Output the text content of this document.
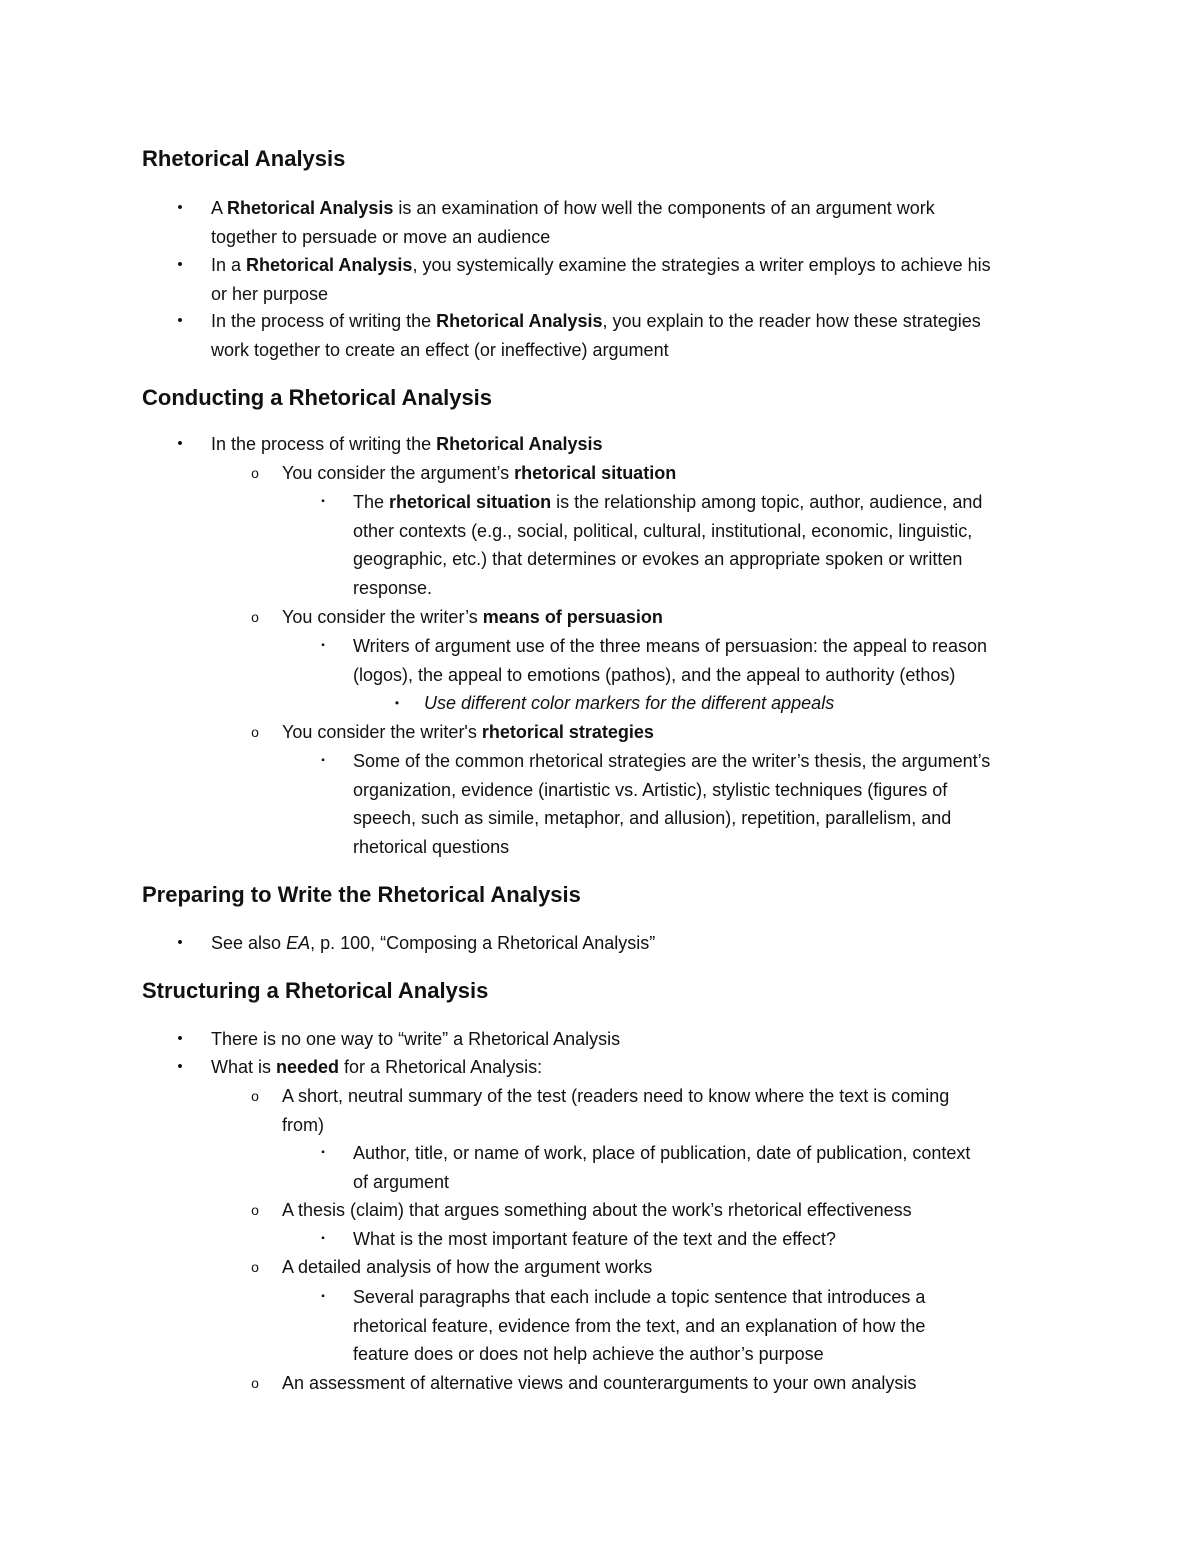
Rhetorical Analysis
•	A Rhetorical Analysis is an examination of how well the components of an argument work
together to persuade or move an audience
•	In a Rhetorical Analysis, you systemically examine the strategies a writer employs to achieve his
or her purpose
•	In the process of writing the Rhetorical Analysis, you explain to the reader how these strategies
work together to create an effect (or ineffective) argument
Conducting a Rhetorical Analysis
•	In the process of writing the Rhetorical Analysis
o	You consider the argument’s rhetorical situation
▪	The rhetorical situation is the relationship among topic, author, audience, and
other contexts (e.g., social, political, cultural, institutional, economic, linguistic,
geographic, etc.) that determines or evokes an appropriate spoken or written
response.
o	You consider the writer’s means of persuasion
▪	Writers of argument use of the three means of persuasion: the appeal to reason
(logos), the appeal to emotions (pathos), and the appeal to authority (ethos)
•	Use different color markers for the different appeals
o	You consider the writer's rhetorical strategies
▪	Some of the common rhetorical strategies are the writer’s thesis, the argument’s
organization, evidence (inartistic vs. Artistic), stylistic techniques (figures of
speech, such as simile, metaphor, and allusion), repetition, parallelism, and
rhetorical questions
Preparing to Write the Rhetorical Analysis
•	See also EA, p. 100, “Composing a Rhetorical Analysis”
Structuring a Rhetorical Analysis
•	There is no one way to “write” a Rhetorical Analysis
•	What is needed for a Rhetorical Analysis:
o	A short, neutral summary of the test (readers need to know where the text is coming
from)
▪	Author, title, or name of work, place of publication, date of publication, context
of argument
o	A thesis (claim) that argues something about the work’s rhetorical effectiveness
▪	What is the most important feature of the text and the effect?
o	A detailed analysis of how the argument works
▪	Several paragraphs that each include a topic sentence that introduces a
rhetorical feature, evidence from the text, and an explanation of how the
feature does or does not help achieve the author’s purpose
o	An assessment of alternative views and counterarguments to your own analysis
